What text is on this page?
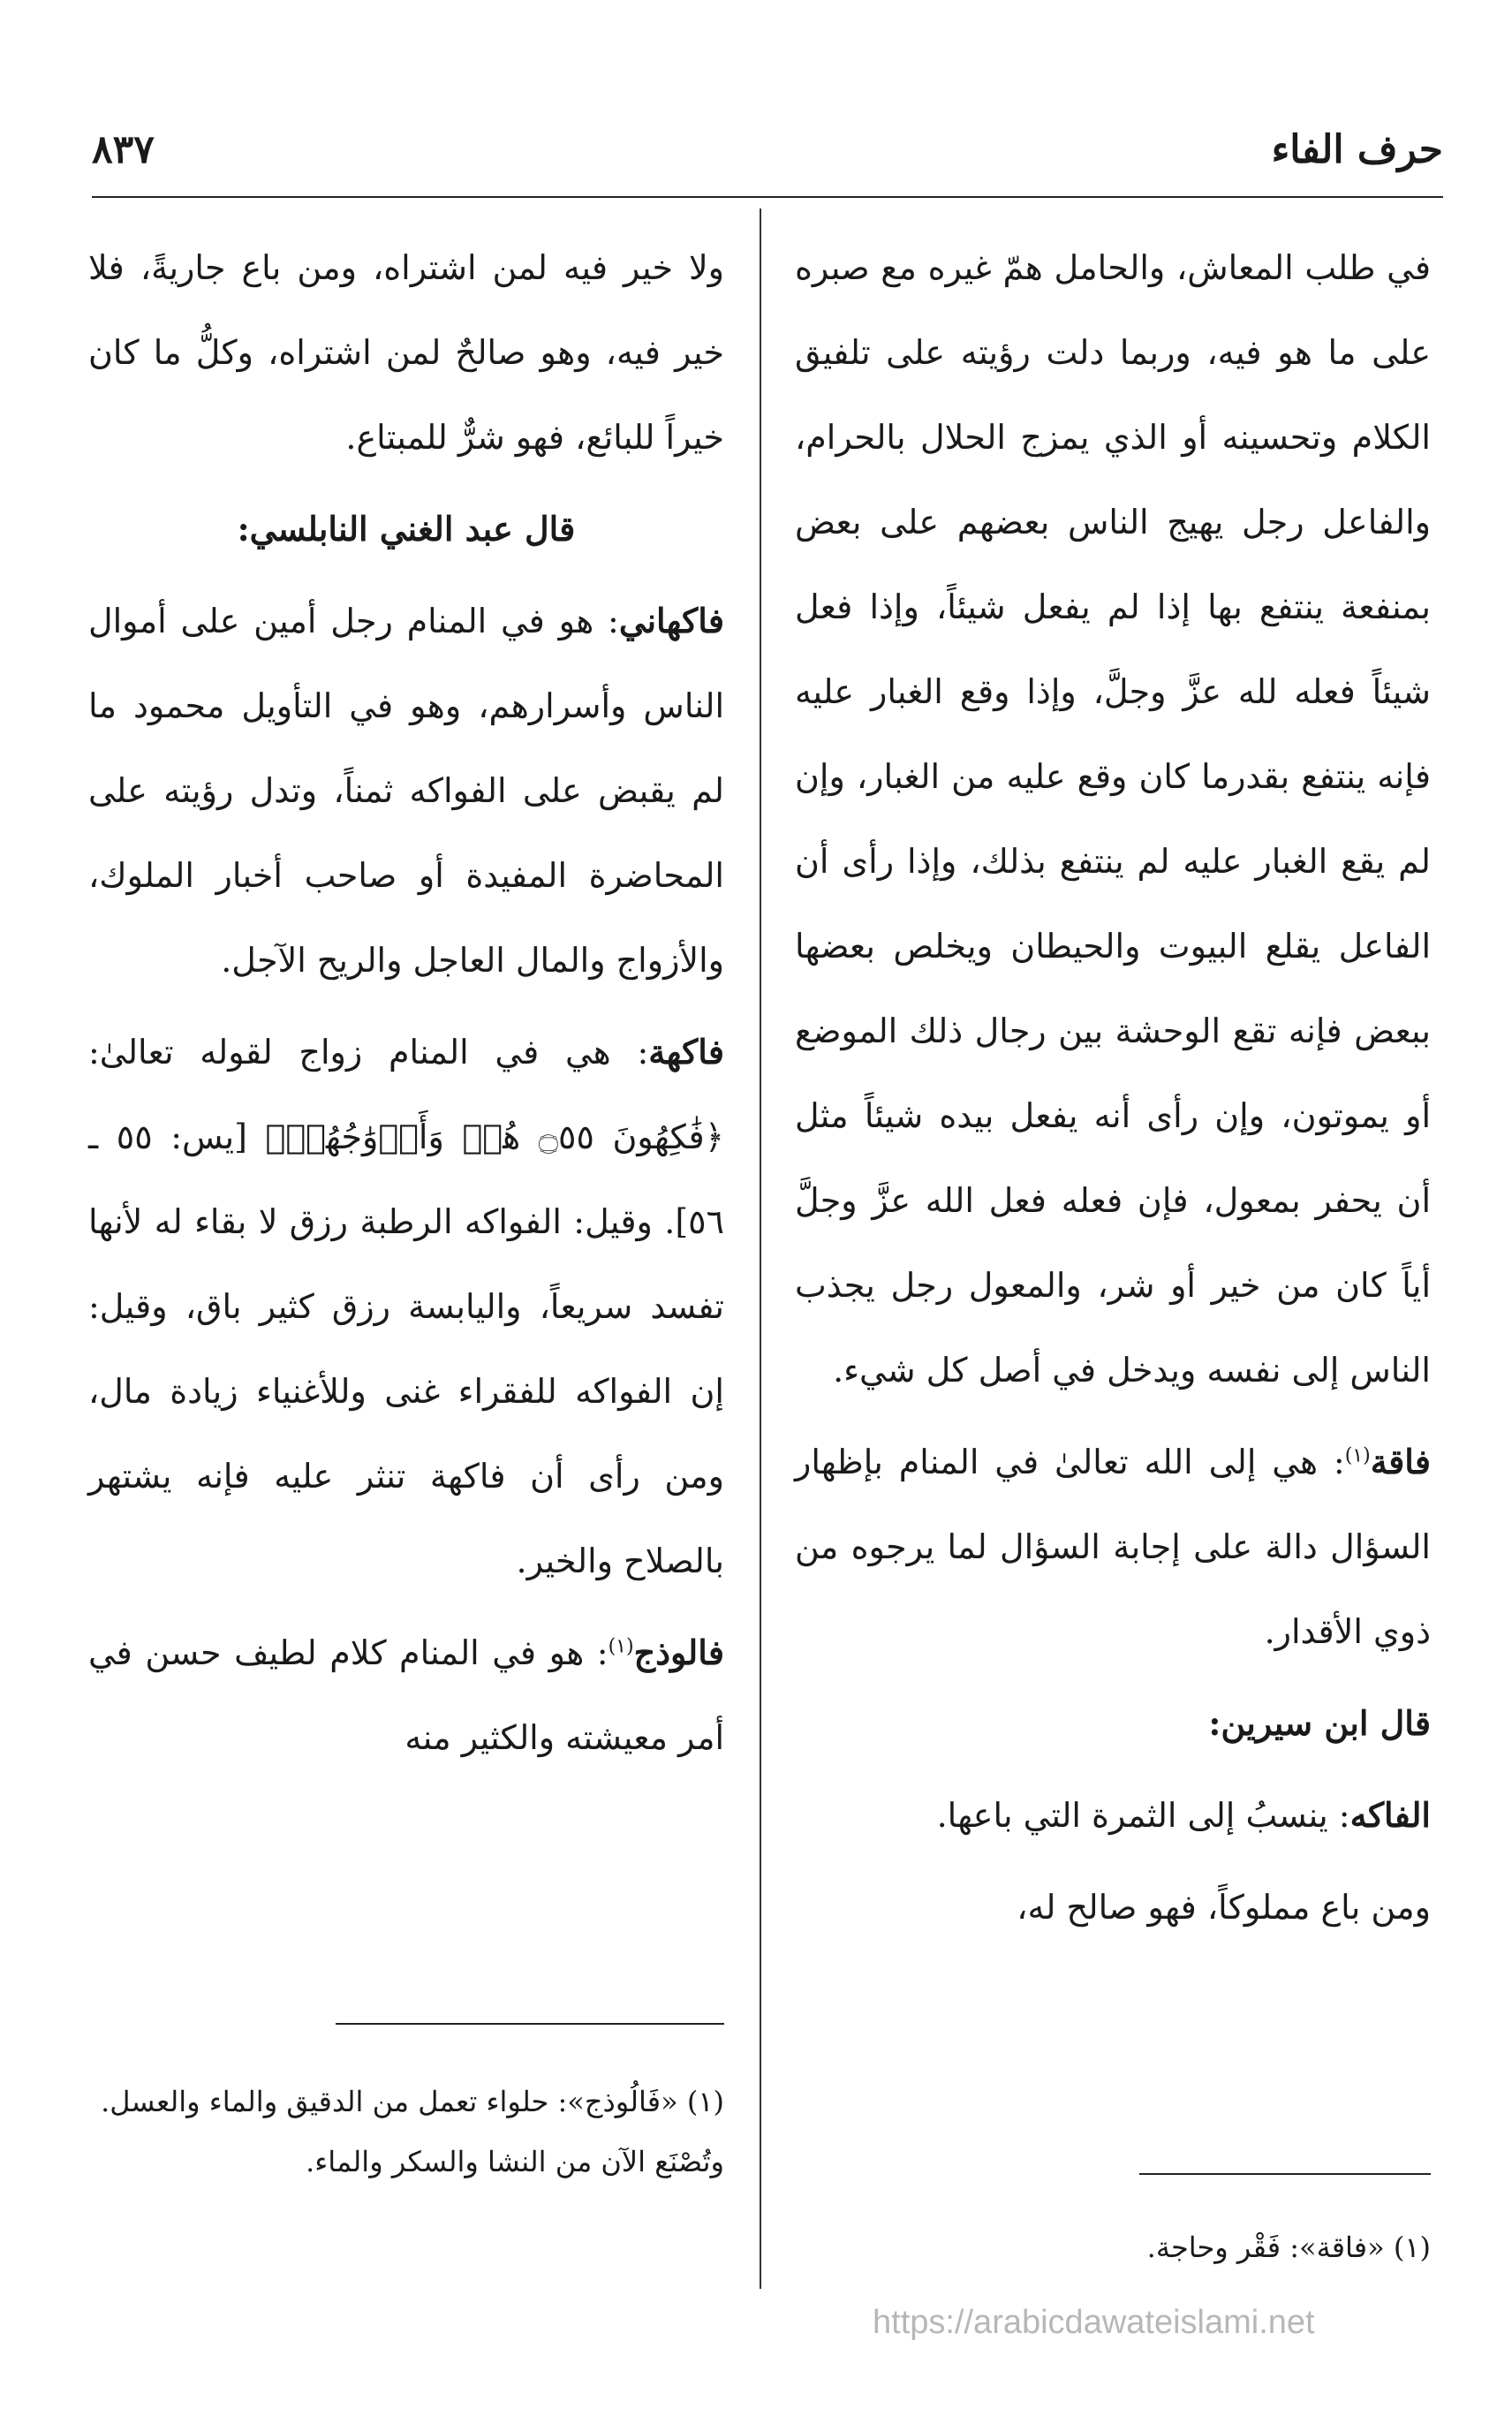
حرف الفاء
٨٣٧

في طلب المعاش، والحامل همّ غيره مع صبره على ما هو فيه، وربما دلت رؤيته على تلفيق الكلام وتحسينه أو الذي يمزج الحلال بالحرام، والفاعل رجل يهيج الناس بعضهم على بعض بمنفعة ينتفع بها إذا لم يفعل شيئاً، وإذا فعل شيئاً فعله لله عزَّ وجلَّ، وإذا وقع الغبار عليه فإنه ينتفع بقدرما كان وقع عليه من الغبار، وإن لم يقع الغبار عليه لم ينتفع بذلك، وإذا رأى أن الفاعل يقلع البيوت والحيطان ويخلص بعضها ببعض فإنه تقع الوحشة بين رجال ذلك الموضع أو يموتون، وإن رأى أنه يفعل بيده شيئاً مثل أن يحفر بمعول، فإن فعله فعل الله عزَّ وجلَّ أياً كان من خير أو شر، والمعول رجل يجذب الناس إلى نفسه ويدخل في أصل كل شيء.

فاقة$^{(١)}$: هي إلى الله تعالىٰ في المنام بإظهار السؤال دالة على إجابة السؤال لما يرجوه من ذوي الأقدار.

قال ابن سيرين:

الفاكه: ينسبُ إلى الثمرة التي باعها.

ومن باع مملوكاً، فهو صالح له،

ولا خير فيه لمن اشتراه، ومن باع جاريةً، فلا خير فيه، وهو صالحٌ لمن اشتراه، وكلُّ ما كان خيراً للبائع، فهو شرٌّ للمبتاع.

قال عبد الغني النابلسي:

فاكهاني: هو في المنام رجل أمين على أموال الناس وأسرارهم، وهو في التأويل محمود ما لم يقبض على الفواكه ثمناً، وتدل رؤيته على المحاضرة المفيدة أو صاحب أخبار الملوك، والأزواج والمال العاجل والريح الآجل.

فاكهة: هي في المنام زواج لقوله تعالىٰ: ﴿فَٰكِهُونَ ۝٥٥ هُمۡ وَأَزۡوَٰجُهُمۡ﴾ [يس: ٥٥ ـ ٥٦]. وقيل: الفواكه الرطبة رزق لا بقاء له لأنها تفسد سريعاً، واليابسة رزق كثير باق، وقيل: إن الفواكه للفقراء غنى وللأغنياء زيادة مال، ومن رأى أن فاكهة تنثر عليه فإنه يشتهر بالصلاح والخير.

فالوذج$^{(١)}$: هو في المنام كلام لطيف حسن في أمر معيشته والكثير منه

(١) «فاقة»: فَقْر وحاجة.
(١) «فَالُوذج»: حلواء تعمل من الدقيق والماء والعسل. وتُصْنَع الآن من النشا والسكر والماء.
https://arabicdawateislami.net
